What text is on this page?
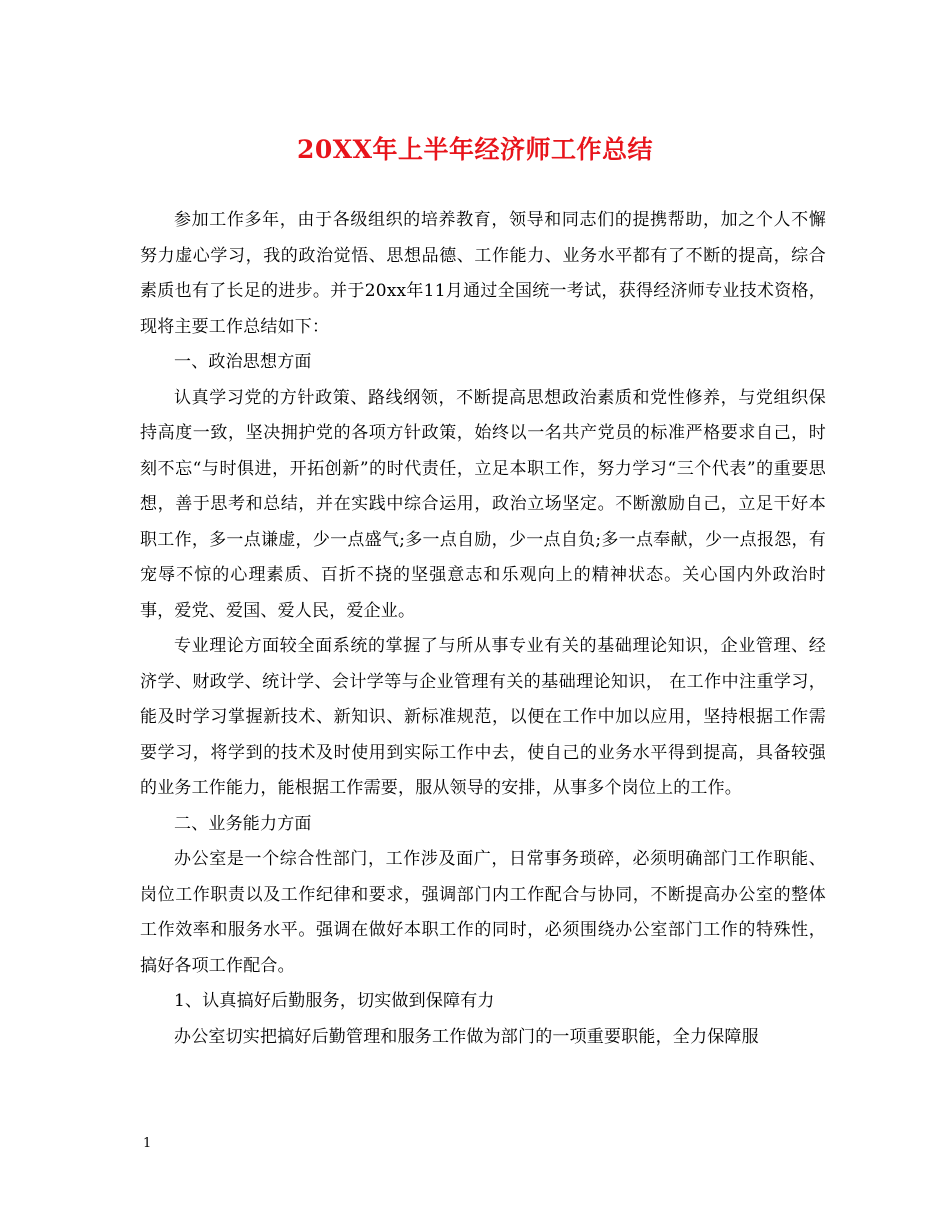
20XX年上半年经济师工作总结

参加工作多年，由于各级组织的培养教育，领导和同志们的提携帮助，加之个人不懈努力虚心学习，我的政治觉悟、思想品德、工作能力、业务水平都有了不断的提高，综合素质也有了长足的进步。并于20xx年11月通过全国统一考试，获得经济师专业技术资格，现将主要工作总结如下：

一、政治思想方面

认真学习党的方针政策、路线纲领，不断提高思想政治素质和党性修养，与党组织保持高度一致，坚决拥护党的各项方针政策，始终以一名共产党员的标准严格要求自己，时刻不忘“与时俱进，开拓创新”的时代责任，立足本职工作，努力学习“三个代表”的重要思想，善于思考和总结，并在实践中综合运用，政治立场坚定。不断激励自己，立足干好本职工作，多一点谦虚，少一点盛气;多一点自励，少一点自负;多一点奉献，少一点报怨，有宠辱不惊的心理素质、百折不挠的坚强意志和乐观向上的精神状态。关心国内外政治时事，爱党、爱国、爱人民，爱企业。

专业理论方面较全面系统的掌握了与所从事专业有关的基础理论知识，企业管理、经济学、财政学、统计学、会计学等与企业管理有关的基础理论知识， 在工作中注重学习，能及时学习掌握新技术、新知识、新标准规范，以便在工作中加以应用，坚持根据工作需要学习，将学到的技术及时使用到实际工作中去，使自己的业务水平得到提高，具备较强的业务工作能力，能根据工作需要，服从领导的安排，从事多个岗位上的工作。

二、业务能力方面

办公室是一个综合性部门，工作涉及面广，日常事务琐碎，必须明确部门工作职能、岗位工作职责以及工作纪律和要求，强调部门内工作配合与协同，不断提高办公室的整体工作效率和服务水平。强调在做好本职工作的同时，必须围绕办公室部门工作的特殊性，搞好各项工作配合。

1、认真搞好后勤服务，切实做到保障有力

办公室切实把搞好后勤管理和服务工作做为部门的一项重要职能，全力保障服

1
